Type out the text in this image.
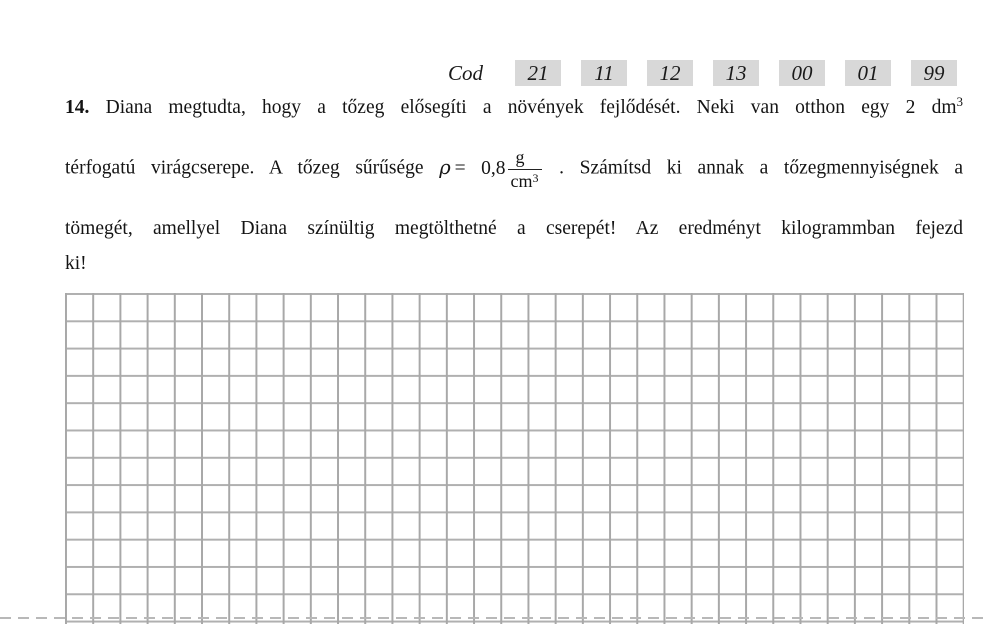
Cod	21	11	12	13	00	01	99
14. Diana megtudta, hogy a tőzeg elősegíti a növények fejlődését. Neki van otthon egy 2 $dm^3$
térfogatú virágcserepe. A tőzeg sűrűsége $\rho = 0,8 \frac{g}{cm^3}$ . Számítsd ki annak a tőzegmennyiségnek a
tömegét, amellyel Diana színültig megtölthetné a cserepét! Az eredményt kilogrammban fejezd
ki!
